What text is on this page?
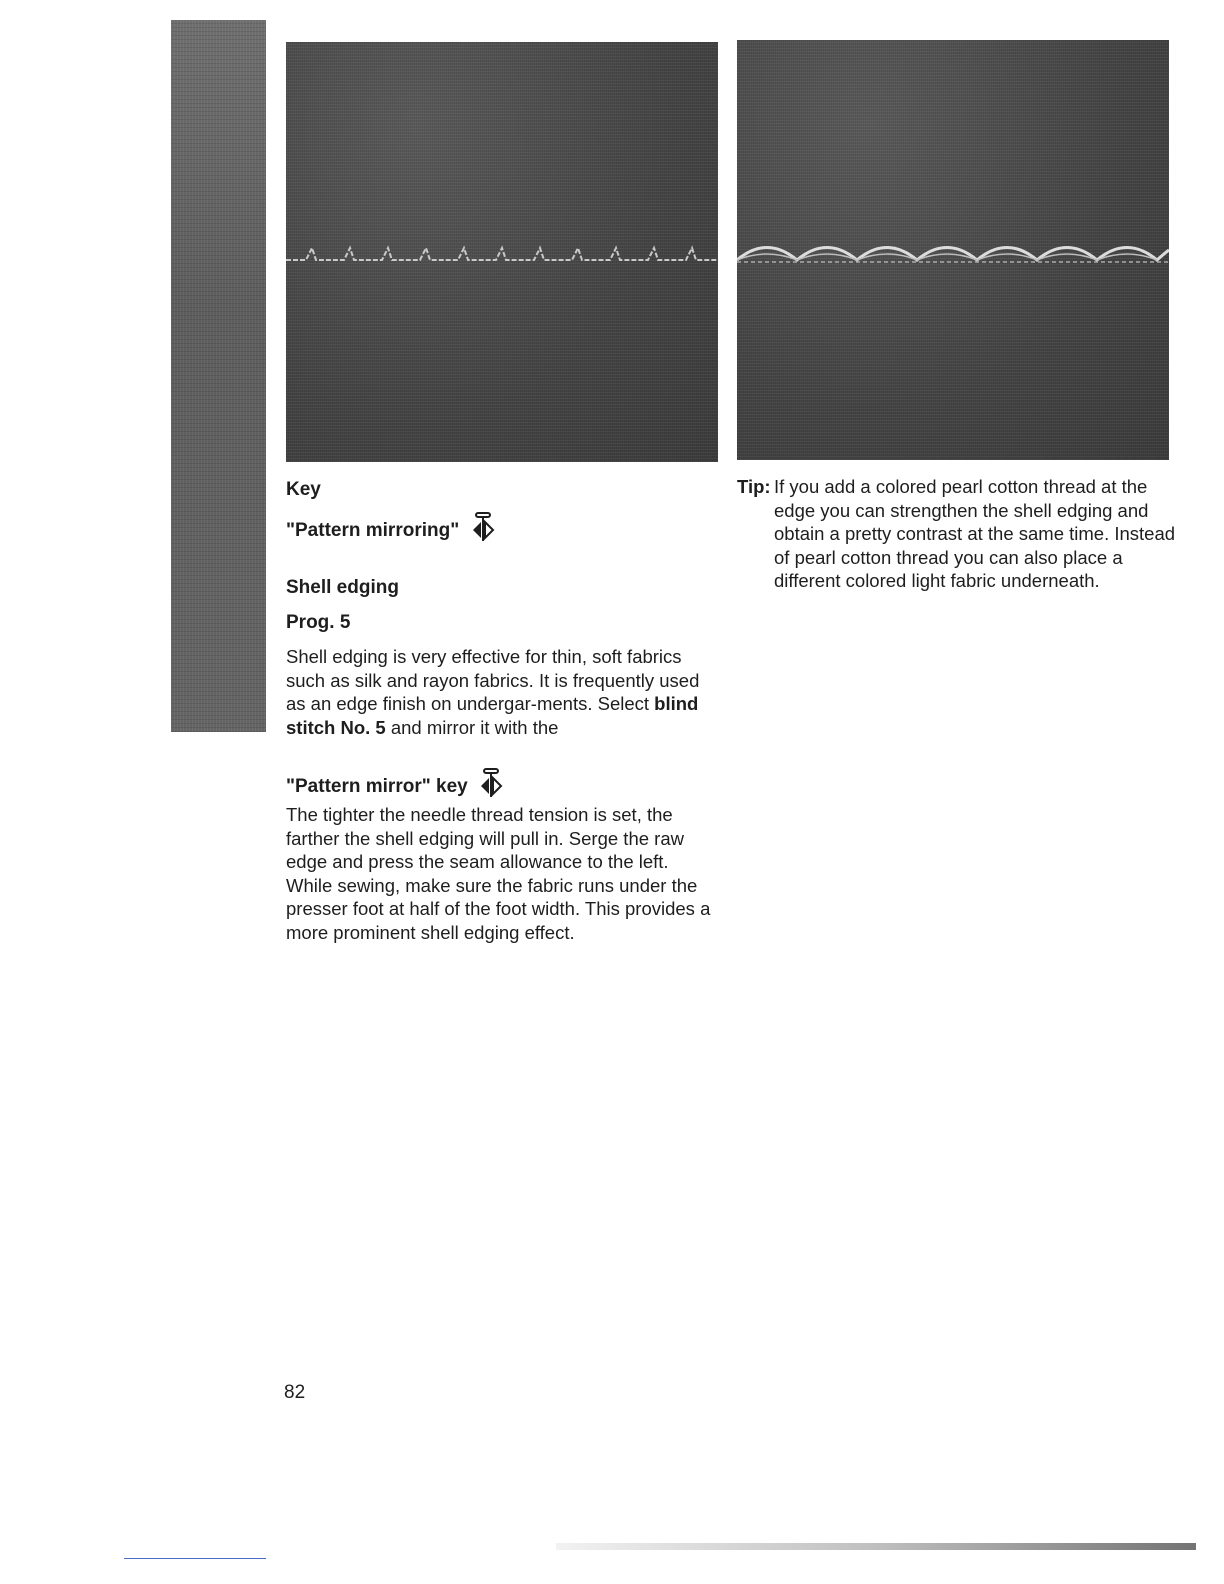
Key
"Pattern mirroring"
Shell edging
Prog. 5
Shell edging is very effective for thin, soft fabrics such as silk and rayon fabrics. It is frequently used as an edge finish on undergar-ments. Select blind stitch No. 5 and mirror it with the
"Pattern mirror" key
The tighter the needle thread tension is set, the farther the shell edging will pull in. Serge the raw edge and press the seam allowance to the left. While sewing, make sure the fabric runs under the presser foot at half of the foot width. This provides a more prominent shell edging effect.
Tip: If you add a colored pearl cotton thread at the edge you can strengthen the shell edging and obtain a pretty contrast at the same time. Instead of pearl cotton thread you can also place a different colored light fabric underneath.
82
